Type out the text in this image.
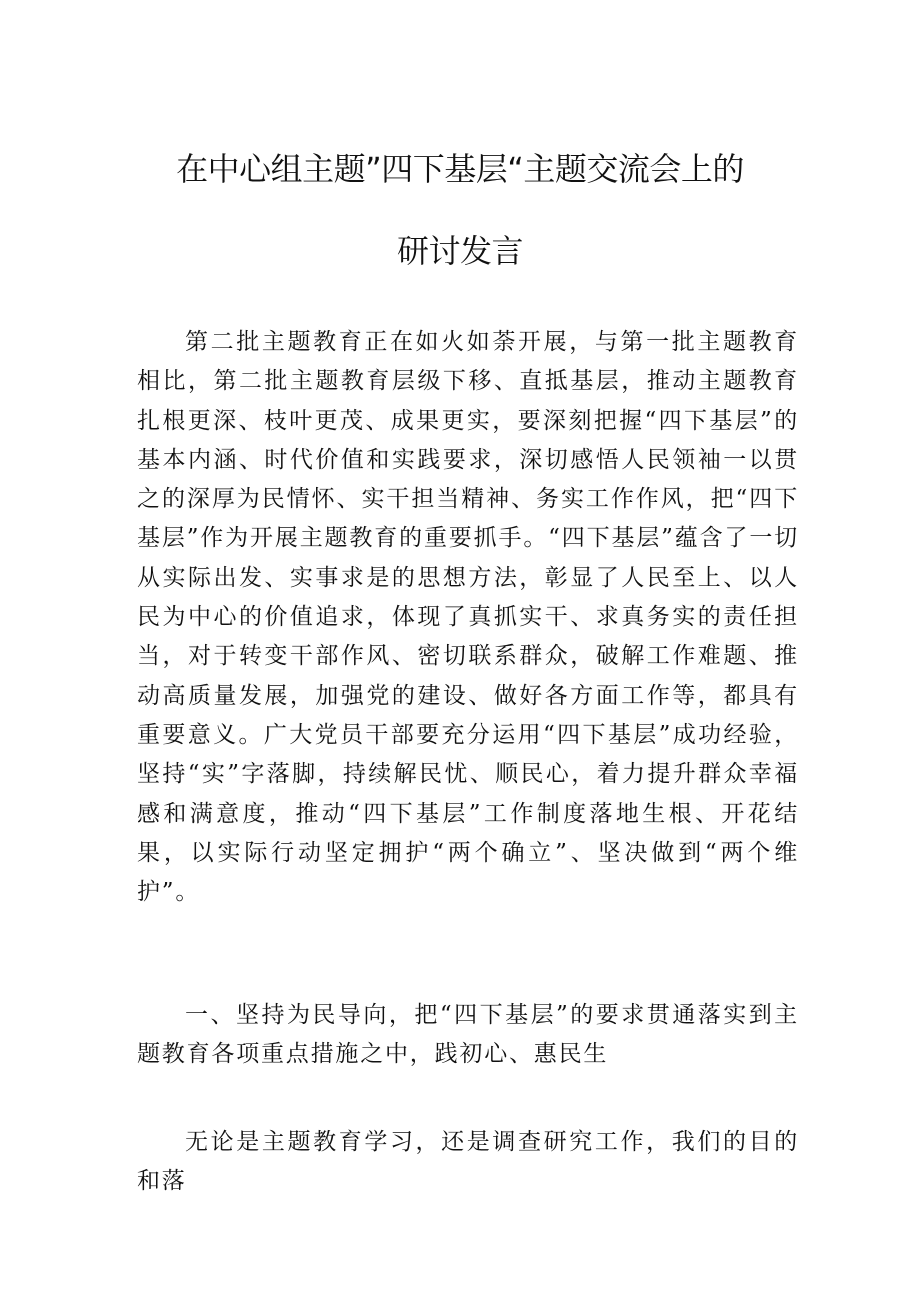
在中心组主题”四下基层“主题交流会上的
研讨发言

第二批主题教育正在如火如荼开展，与第一批主题教育相比，第二批主题教育层级下移、直抵基层，推动主题教育扎根更深、枝叶更茂、成果更实，要深刻把握“四下基层”的基本内涵、时代价值和实践要求，深切感悟人民领袖一以贯之的深厚为民情怀、实干担当精神、务实工作作风，把“四下基层”作为开展主题教育的重要抓手。“四下基层”蕴含了一切从实际出发、实事求是的思想方法，彰显了人民至上、以人民为中心的价值追求，体现了真抓实干、求真务实的责任担当，对于转变干部作风、密切联系群众，破解工作难题、推动高质量发展，加强党的建设、做好各方面工作等，都具有重要意义。广大党员干部要充分运用“四下基层”成功经验，坚持“实”字落脚，持续解民忧、顺民心，着力提升群众幸福感和满意度，推动“四下基层”工作制度落地生根、开花结果，以实际行动坚定拥护“两个确立”、坚决做到“两个维护”。

一、坚持为民导向，把“四下基层”的要求贯通落实到主题教育各项重点措施之中，践初心、惠民生

无论是主题教育学习，还是调查研究工作，我们的目的和落
